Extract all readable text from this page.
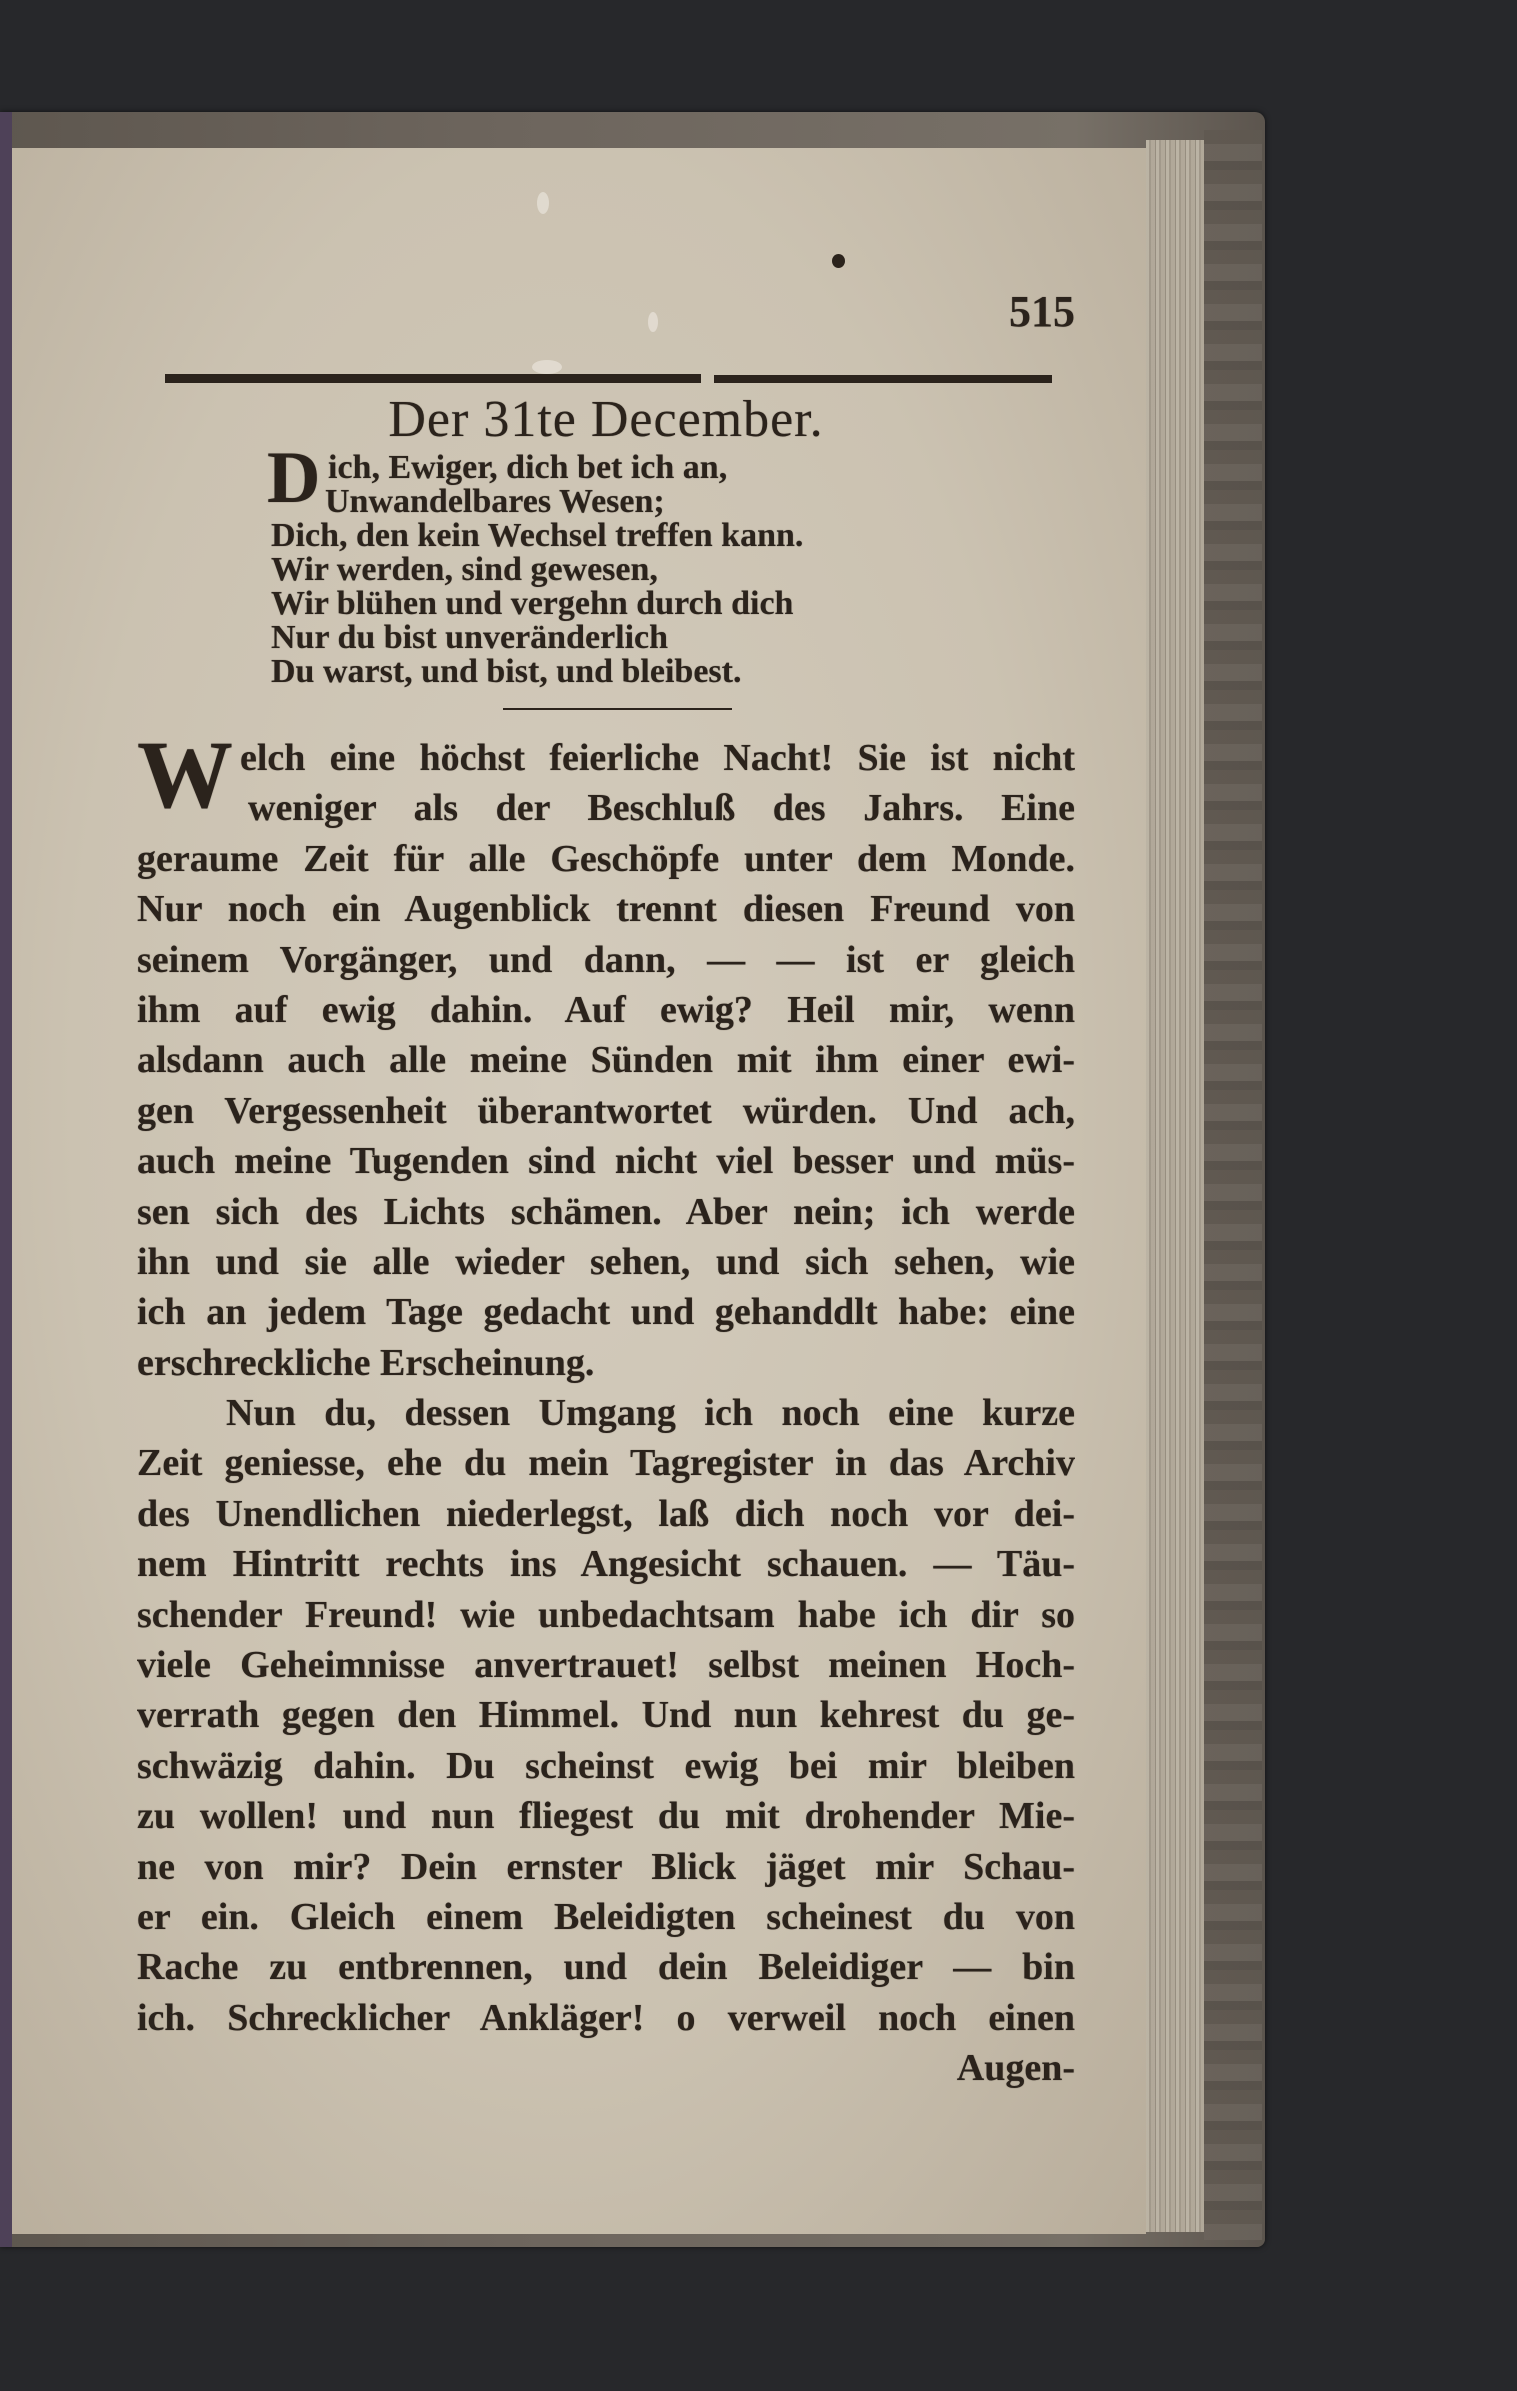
515
Der 31te December.
D ich, Ewiger, dich bet ich an,
Unwandelbares Wesen;
Dich, den kein Wechsel treffen kann.
Wir werden, sind gewesen,
Wir blühen und vergehn durch dich
Nur du bist unveränderlich
Du warst, und bist, und bleibest.
W elch eine höchst feierliche Nacht! Sie ist nicht
weniger als der Beschluß des Jahrs. Eine
geraume Zeit für alle Geschöpfe unter dem Monde.
Nur noch ein Augenblick trennt diesen Freund von
seinem Vorgänger, und dann, — — ist er gleich
ihm auf ewig dahin. Auf ewig? Heil mir, wenn
alsdann auch alle meine Sünden mit ihm einer ewi-
gen Vergessenheit überantwortet würden. Und ach,
auch meine Tugenden sind nicht viel besser und müs-
sen sich des Lichts schämen. Aber nein; ich werde
ihn und sie alle wieder sehen, und sich sehen, wie
ich an jedem Tage gedacht und gehanddlt habe: eine
erschreckliche Erscheinung.
Nun du, dessen Umgang ich noch eine kurze
Zeit geniesse, ehe du mein Tagregister in das Archiv
des Unendlichen niederlegst, laß dich noch vor dei-
nem Hintritt rechts ins Angesicht schauen. — Täu-
schender Freund! wie unbedachtsam habe ich dir so
viele Geheimnisse anvertrauet! selbst meinen Hoch-
verrath gegen den Himmel. Und nun kehrest du ge-
schwäzig dahin. Du scheinst ewig bei mir bleiben
zu wollen! und nun fliegest du mit drohender Mie-
ne von mir? Dein ernster Blick jäget mir Schau-
er ein. Gleich einem Beleidigten scheinest du von
Rache zu entbrennen, und dein Beleidiger — bin
ich. Schrecklicher Ankläger! o verweil noch einen
Augen-
